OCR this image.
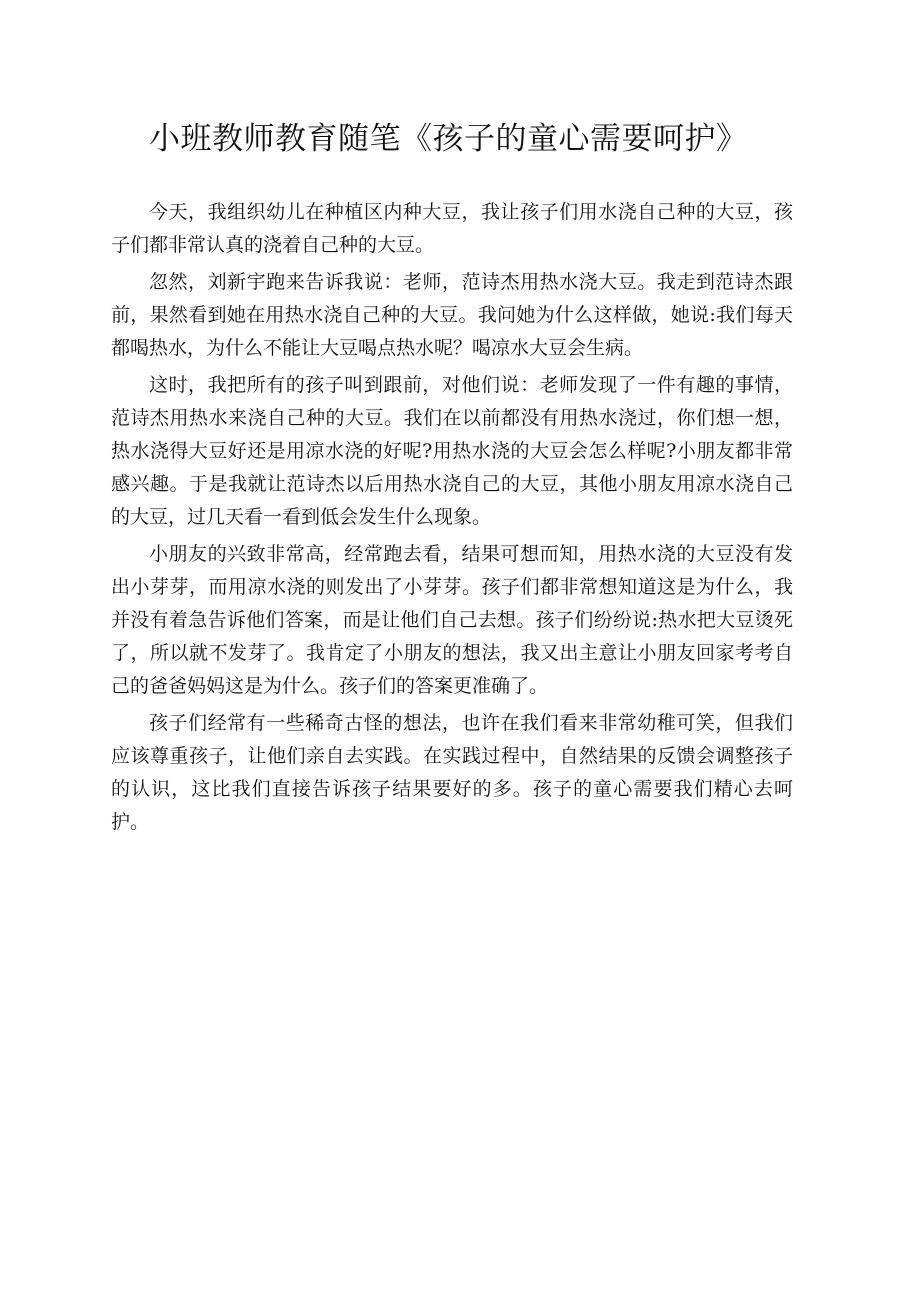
小班教师教育随笔《孩子的童心需要呵护》

今天，我组织幼儿在种植区内种大豆，我让孩子们用水浇自己种的大豆，孩子们都非常认真的浇着自己种的大豆。

忽然，刘新宇跑来告诉我说：老师，范诗杰用热水浇大豆。我走到范诗杰跟前，果然看到她在用热水浇自己种的大豆。我问她为什么这样做，她说:我们每天都喝热水，为什么不能让大豆喝点热水呢？喝凉水大豆会生病。

这时，我把所有的孩子叫到跟前，对他们说：老师发现了一件有趣的事情，范诗杰用热水来浇自己种的大豆。我们在以前都没有用热水浇过，你们想一想，热水浇得大豆好还是用凉水浇的好呢?用热水浇的大豆会怎么样呢?小朋友都非常感兴趣。于是我就让范诗杰以后用热水浇自己的大豆，其他小朋友用凉水浇自己的大豆，过几天看一看到低会发生什么现象。

小朋友的兴致非常高，经常跑去看，结果可想而知，用热水浇的大豆没有发出小芽芽，而用凉水浇的则发出了小芽芽。孩子们都非常想知道这是为什么，我并没有着急告诉他们答案，而是让他们自己去想。孩子们纷纷说:热水把大豆烫死了，所以就不发芽了。我肯定了小朋友的想法，我又出主意让小朋友回家考考自己的爸爸妈妈这是为什么。孩子们的答案更准确了。

孩子们经常有一些稀奇古怪的想法，也许在我们看来非常幼稚可笑，但我们应该尊重孩子，让他们亲自去实践。在实践过程中，自然结果的反馈会调整孩子的认识，这比我们直接告诉孩子结果要好的多。孩子的童心需要我们精心去呵护。
